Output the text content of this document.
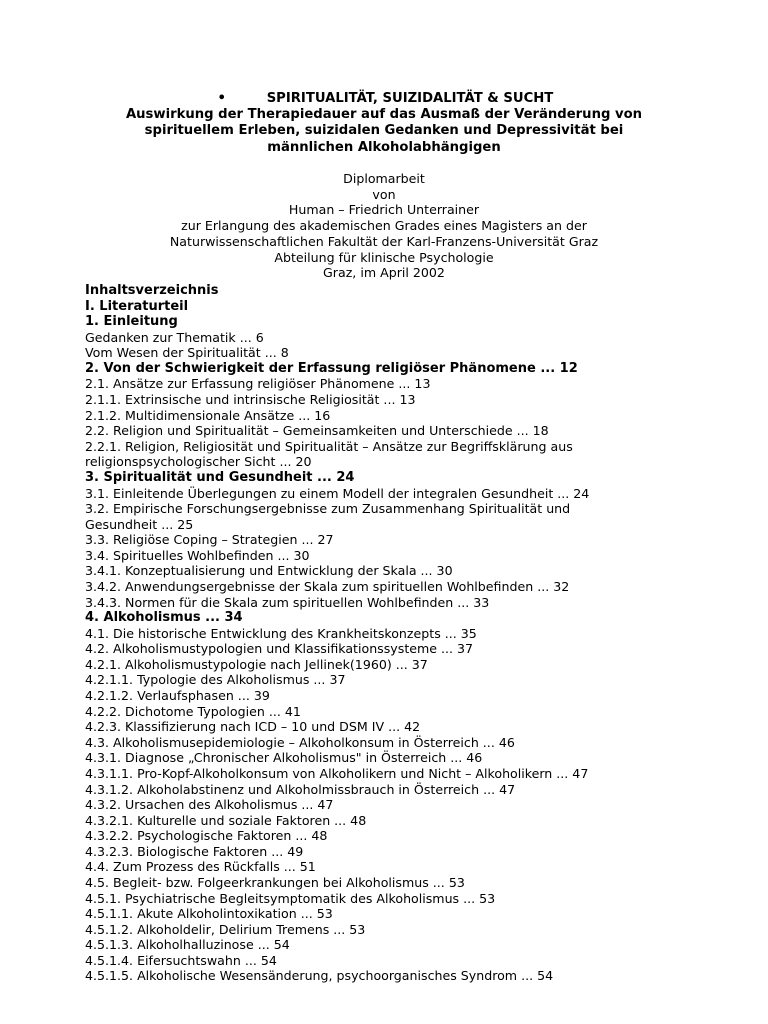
•	SPIRITUALITÄT, SUIZIDALITÄT & SUCHT
Auswirkung der Therapiedauer auf das Ausmaß der Veränderung von
spirituellem Erleben, suizidalen Gedanken und Depressivität bei
männlichen Alkoholabhängigen
Diplomarbeit
von
Human – Friedrich Unterrainer
zur Erlangung des akademischen Grades eines Magisters an der
Naturwissenschaftlichen Fakultät der Karl-Franzens-Universität Graz
Abteilung für klinische Psychologie
Graz, im April 2002
Inhaltsverzeichnis
I. Literaturteil
1. Einleitung
Gedanken zur Thematik ... 6
Vom Wesen der Spiritualität ... 8
2. Von der Schwierigkeit der Erfassung religiöser Phänomene ... 12
2.1. Ansätze zur Erfassung religiöser Phänomene ... 13
2.1.1. Extrinsische und intrinsische Religiosität ... 13
2.1.2. Multidimensionale Ansätze ... 16
2.2. Religion und Spiritualität – Gemeinsamkeiten und Unterschiede ... 18
2.2.1. Religion, Religiosität und Spiritualität – Ansätze zur Begriffsklärung aus
religionspsychologischer Sicht ... 20
3. Spiritualität und Gesundheit ... 24
3.1. Einleitende Überlegungen zu einem Modell der integralen Gesundheit ... 24
3.2. Empirische Forschungsergebnisse zum Zusammenhang Spiritualität und
Gesundheit ... 25
3.3. Religiöse Coping – Strategien ... 27
3.4. Spirituelles Wohlbefinden ... 30
3.4.1. Konzeptualisierung und Entwicklung der Skala ... 30
3.4.2. Anwendungsergebnisse der Skala zum spirituellen Wohlbefinden ... 32
3.4.3. Normen für die Skala zum spirituellen Wohlbefinden ... 33
4. Alkoholismus ... 34
4.1. Die historische Entwicklung des Krankheitskonzepts ... 35
4.2. Alkoholismustypologien und Klassifikationssysteme ... 37
4.2.1. Alkoholismustypologie nach Jellinek(1960) ... 37
4.2.1.1. Typologie des Alkoholismus ... 37
4.2.1.2. Verlaufsphasen ... 39
4.2.2. Dichotome Typologien ... 41
4.2.3. Klassifizierung nach ICD – 10 und DSM IV ... 42
4.3. Alkoholismusepidemiologie – Alkoholkonsum in Österreich ... 46
4.3.1. Diagnose „Chronischer Alkoholismus" in Österreich ... 46
4.3.1.1. Pro-Kopf-Alkoholkonsum von Alkoholikern und Nicht – Alkoholikern ... 47
4.3.1.2. Alkoholabstinenz und Alkoholmissbrauch in Österreich ... 47
4.3.2. Ursachen des Alkoholismus ... 47
4.3.2.1. Kulturelle und soziale Faktoren ... 48
4.3.2.2. Psychologische Faktoren ... 48
4.3.2.3. Biologische Faktoren ... 49
4.4. Zum Prozess des Rückfalls ... 51
4.5. Begleit- bzw. Folgeerkrankungen bei Alkoholismus ... 53
4.5.1. Psychiatrische Begleitsymptomatik des Alkoholismus ... 53
4.5.1.1. Akute Alkoholintoxikation ... 53
4.5.1.2. Alkoholdelir, Delirium Tremens ... 53
4.5.1.3. Alkoholhalluzinose ... 54
4.5.1.4. Eifersuchtswahn ... 54
4.5.1.5. Alkoholische Wesensänderung, psychoorganisches Syndrom ... 54
